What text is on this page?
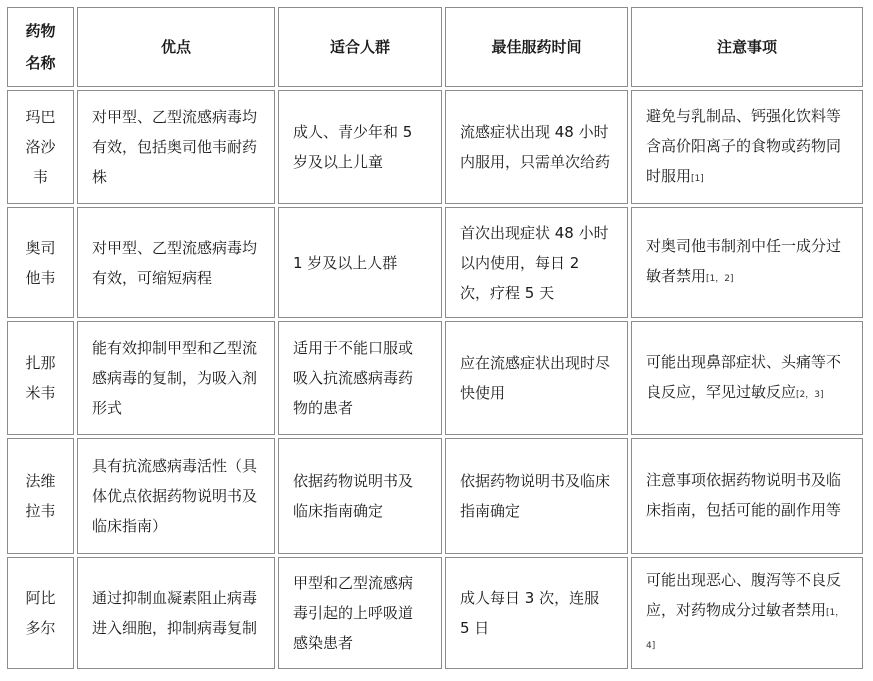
药物名称	优点	适合人群	最佳服药时间	注意事项
玛巴洛沙韦	对甲型、乙型流感病毒均有效，包括奥司他韦耐药株	成人、青少年和 5 岁及以上儿童	流感症状出现 48 小时内服用，只需单次给药	避免与乳制品、钙强化饮料等含高价阳离子的食物或药物同时服用[1]
奥司他韦	对甲型、乙型流感病毒均有效，可缩短病程	1 岁及以上人群	首次出现症状 48 小时以内使用，每日 2 次，疗程 5 天	对奥司他韦制剂中任一成分过敏者禁用[1，2]
扎那米韦	能有效抑制甲型和乙型流感病毒的复制，为吸入剂形式	适用于不能口服或吸入抗流感病毒药物的患者	应在流感症状出现时尽快使用	可能出现鼻部症状、头痛等不良反应，罕见过敏反应[2，3]
法维拉韦	具有抗流感病毒活性（具体优点依据药物说明书及临床指南）	依据药物说明书及临床指南确定	依据药物说明书及临床指南确定	注意事项依据药物说明书及临床指南，包括可能的副作用等
阿比多尔	通过抑制血凝素阻止病毒进入细胞，抑制病毒复制	甲型和乙型流感病毒引起的上呼吸道感染患者	成人每日 3 次，连服 5 日	可能出现恶心、腹泻等不良反应，对药物成分过敏者禁用[1，4]
